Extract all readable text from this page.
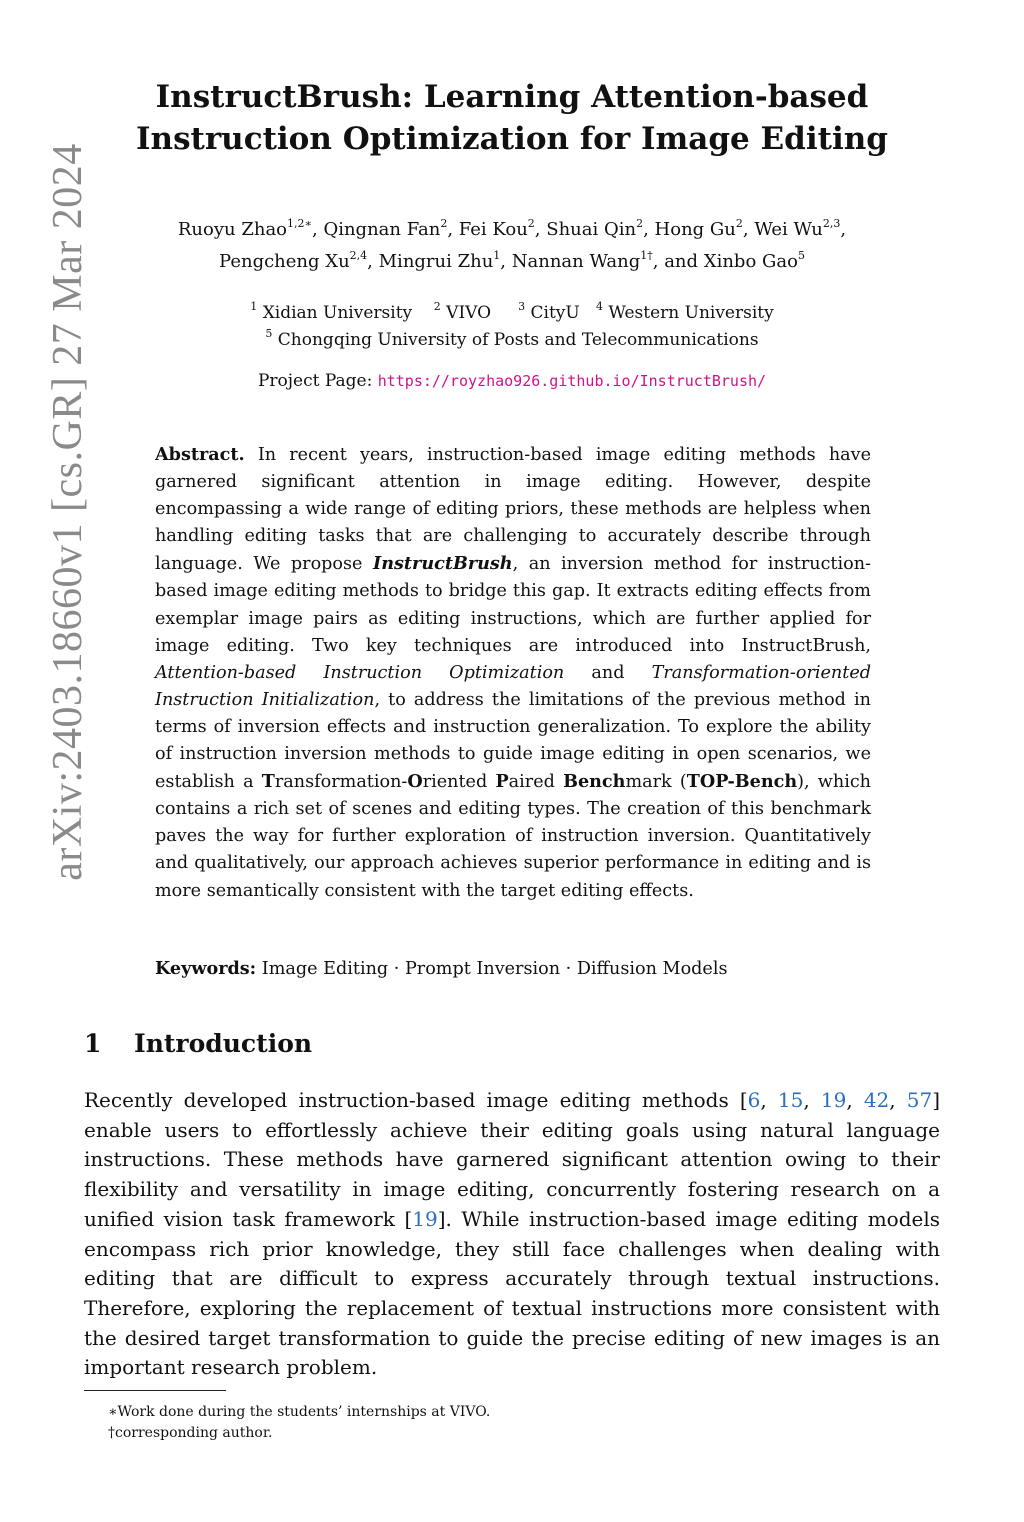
arXiv:2403.18660v1 [cs.GR] 27 Mar 2024
InstructBrush: Learning Attention-based
Instruction Optimization for Image Editing
Ruoyu Zhao$^{1,2∗}$, Qingnan Fan$^2$, Fei Kou$^2$, Shuai Qin$^2$, Hong Gu$^2$, Wei Wu$^{2,3}$,
Pengcheng Xu$^{2,4}$, Mingrui Zhu$^1$, Nannan Wang$^{1\dagger}$, and Xinbo Gao$^5$
$^1$ Xidian University $^2$ VIVO $^3$ CityU $^4$ Western University
$^5$ Chongqing University of Posts and Telecommunications
Project Page: https://royzhao926.github.io/InstructBrush/
Abstract. In recent years, instruction-based image editing methods have garnered significant attention in image editing. However, despite encompassing a wide range of editing priors, these methods are helpless when handling editing tasks that are challenging to accurately describe through language. We propose InstructBrush, an inversion method for instruction-based image editing methods to bridge this gap. It extracts editing effects from exemplar image pairs as editing instructions, which are further applied for image editing. Two key techniques are introduced into InstructBrush, Attention-based Instruction Optimization and Transformation-oriented Instruction Initialization, to address the limitations of the previous method in terms of inversion effects and instruction generalization. To explore the ability of instruction inversion methods to guide image editing in open scenarios, we establish a Transformation-Oriented Paired Benchmark (TOP-Bench), which contains a rich set of scenes and editing types. The creation of this benchmark paves the way for further exploration of instruction inversion. Quantitatively and qualitatively, our approach achieves superior performance in editing and is more semantically consistent with the target editing effects.
Keywords: Image Editing · Prompt Inversion · Diffusion Models
1 Introduction
Recently developed instruction-based image editing methods [6, 15, 19, 42, 57] enable users to effortlessly achieve their editing goals using natural language instructions. These methods have garnered significant attention owing to their flexibility and versatility in image editing, concurrently fostering research on a unified vision task framework [19]. While instruction-based image editing models encompass rich prior knowledge, they still face challenges when dealing with editing that are difficult to express accurately through textual instructions. Therefore, exploring the replacement of textual instructions more consistent with the desired target transformation to guide the precise editing of new images is an important research problem.
∗Work done during the students’ internships at VIVO.
†corresponding author.
